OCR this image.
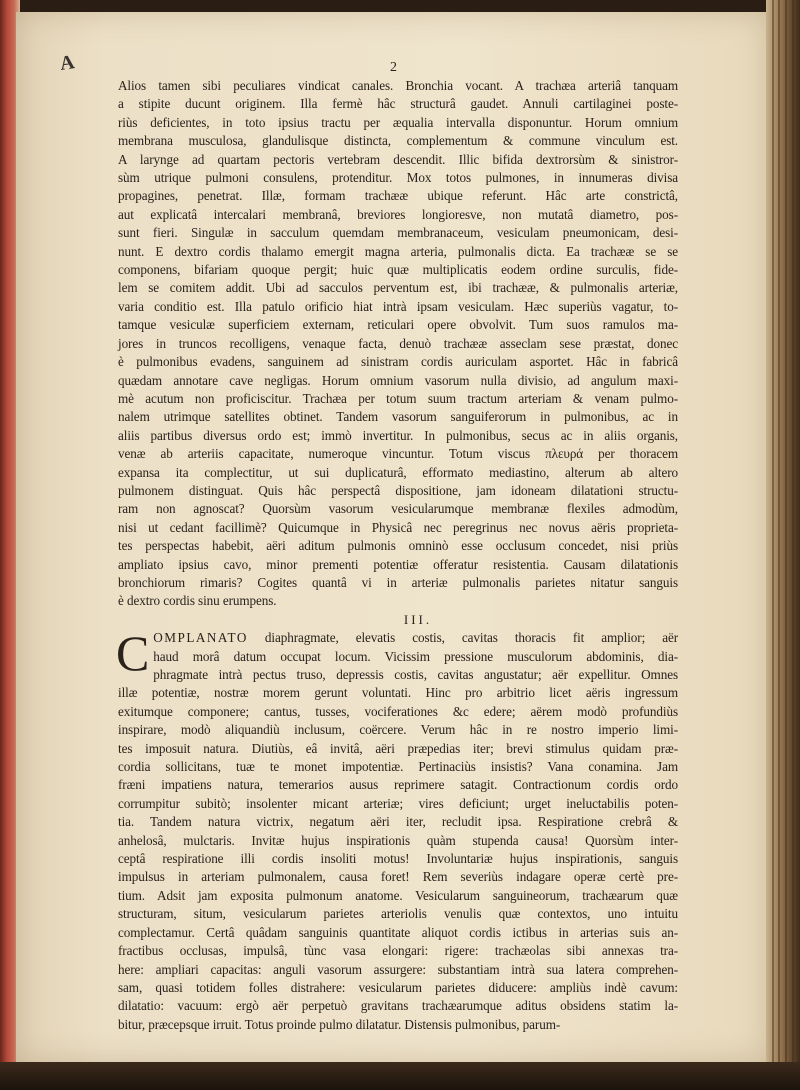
A	2
Alios tamen sibi peculiares vindicat canales. Bronchia vocant. A trachæa arteriâ tanquam
a stipite ducunt originem. Illa fermè hâc structurâ gaudet. Annuli cartilaginei poste-
riùs deficientes, in toto ipsius tractu per æqualia intervalla disponuntur. Horum omnium
membrana musculosa, glandulisque distincta, complementum & commune vinculum est.
A larynge ad quartam pectoris vertebram descendit. Illic bifida dextrorsùm & sinistror-
sùm utrique pulmoni consulens, protenditur. Mox totos pulmones, in innumeras divisa
propagines, penetrat. Illæ, formam trachææ ubique referunt. Hâc arte constrictâ,
aut explicatâ intercalari membranâ, breviores longioresve, non mutatâ diametro, pos-
sunt fieri. Singulæ in sacculum quemdam membranaceum, vesiculam pneumonicam, desi-
nunt. E dextro cordis thalamo emergit magna arteria, pulmonalis dicta. Ea trachææ se se
componens, bifariam quoque pergit; huic quæ multiplicatis eodem ordine surculis, fide-
lem se comitem addit. Ubi ad sacculos perventum est, ibi trachææ, & pulmonalis arteriæ,
varia conditio est. Illa patulo orificio hiat intrà ipsam vesiculam. Hæc superiùs vagatur, to-
tamque vesiculæ superficiem externam, reticulari opere obvolvit. Tum suos ramulos ma-
jores in truncos recolligens, venaque facta, denuò trachææ asseclam sese præstat, donec
è pulmonibus evadens, sanguinem ad sinistram cordis auriculam asportet. Hâc in fabricâ
quædam annotare cave negligas. Horum omnium vasorum nulla divisio, ad angulum maxi-
mè acutum non proficiscitur. Trachæa per totum suum tractum arteriam & venam pulmo-
nalem utrimque satellites obtinet. Tandem vasorum sanguiferorum in pulmonibus, ac in
aliis partibus diversus ordo est; immò invertitur. In pulmonibus, secus ac in aliis organis,
venæ ab arteriis capacitate, numeroque vincuntur. Totum viscus πλευρά per thoracem
expansa ita complectitur, ut sui duplicaturâ, efformato mediastino, alterum ab altero
pulmonem distinguat. Quis hâc perspectâ dispositione, jam idoneam dilatationi structu-
ram non agnoscat? Quorsùm vasorum vesicularumque membranæ flexiles admodùm,
nisi ut cedant facillimè? Quicumque in Physicâ nec peregrinus nec novus aëris proprieta-
tes perspectas habebit, aëri aditum pulmonis omninò esse occlusum concedet, nisi priùs
ampliato ipsius cavo, minor prementi potentiæ offeratur resistentia. Causam dilatationis
bronchiorum rimaris? Cogites quantâ vi in arteriæ pulmonalis parietes nitatur sanguis
è dextro cordis sinu erumpens.
III.
C OMPLANATO diaphragmate, elevatis costis, cavitas thoracis fit amplior; aër
haud morâ datum occupat locum. Vicissim pressione musculorum abdominis, dia-
phragmate intrà pectus truso, depressis costis, cavitas angustatur; aër expellitur. Omnes
illæ potentiæ, nostræ morem gerunt voluntati. Hinc pro arbitrio licet aëris ingressum
exitumque componere; cantus, tusses, vociferationes &c edere; aërem modò profundiùs
inspirare, modò aliquandiù inclusum, coërcere. Verum hâc in re nostro imperio limi-
tes imposuit natura. Diutiùs, eâ invitâ, aëri præpedias iter; brevi stimulus quidam præ-
cordia sollicitans, tuæ te monet impotentiæ. Pertinaciùs insistis? Vana conamina. Jam
fræni impatiens natura, temerarios ausus reprimere satagit. Contractionum cordis ordo
corrumpitur subitò; insolenter micant arteriæ; vires deficiunt; urget ineluctabilis poten-
tia. Tandem natura victrix, negatum aëri iter, recludit ipsa. Respiratione crebrâ &
anhelosâ, mulctaris. Invitæ hujus inspirationis quàm stupenda causa! Quorsùm inter-
ceptâ respiratione illi cordis insoliti motus! Involuntariæ hujus inspirationis, sanguis
impulsus in arteriam pulmonalem, causa foret! Rem severiùs indagare operæ certè pre-
tium. Adsit jam exposita pulmonum anatome. Vesicularum sanguineorum, trachæarum quæ
structuram, situm, vesicularum parietes arteriolis venulis quæ contextos, uno intuitu
complectamur. Certâ quâdam sanguinis quantitate aliquot cordis ictibus in arterias suis an-
fractibus occlusas, impulsâ, tùnc vasa elongari: rigere: trachæolas sibi annexas tra-
here: ampliari capacitas: anguli vasorum assurgere: substantiam intrà sua latera comprehen-
sam, quasi totidem folles distrahere: vesicularum parietes diducere: ampliùs indè cavum:
dilatatio: vacuum: ergò aër perpetuò gravitans trachæarumque aditus obsidens statim la-
bitur, præcepsque irruit. Totus proinde pulmo dilatatur. Distensis pulmonibus, parum-
